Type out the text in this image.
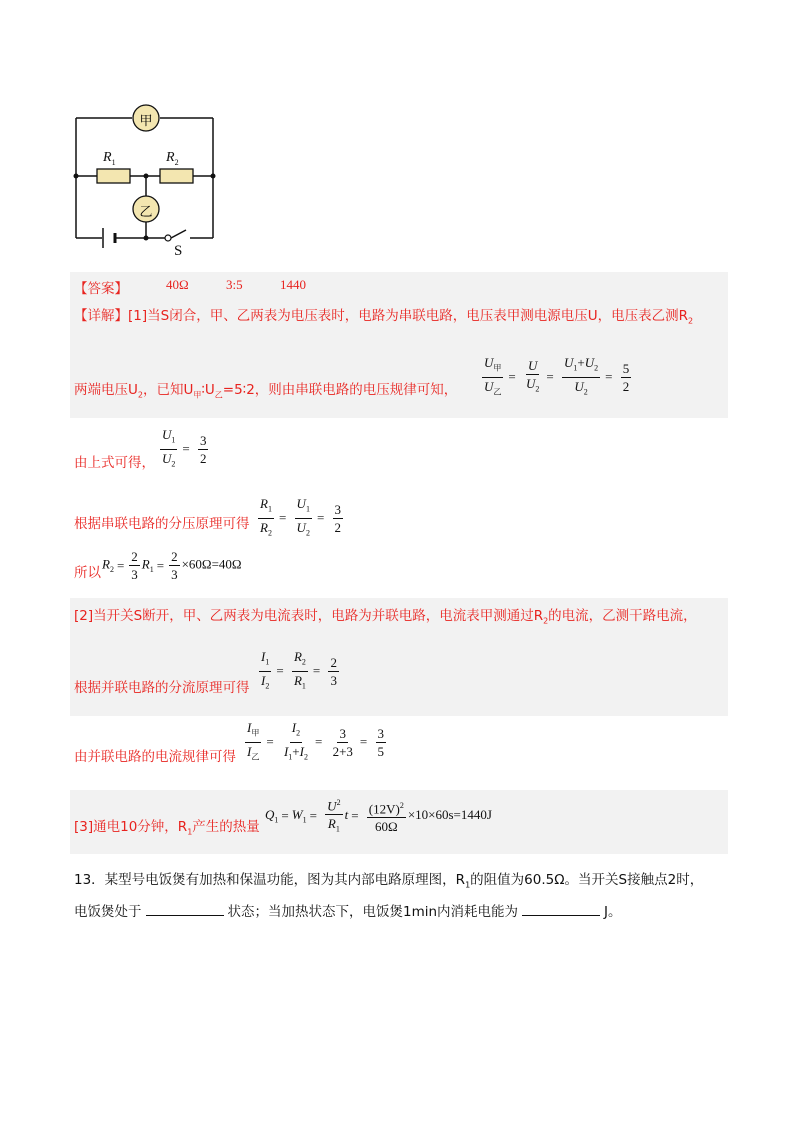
甲
乙
$R_1$	$R_2$
S
【答案】	40Ω	3:5	1440
【详解】[1]当S闭合，甲、乙两表为电压表时，电路为串联电路，电压表甲测电源电压U，电压表乙测$R_2$
两端电压$U_2$，已知$U_甲∶U_乙=5∶2$，则由串联电路的电压规律可知， $\frac{U_甲}{U_乙} = \frac{U}{U_2} = \frac{U_1+U_2}{U_2} = \frac{5}{2}$
由上式可得， $\frac{U_1}{U_2} = \frac{3}{2}$
根据串联电路的分压原理可得 $\frac{R_1}{R_2} = \frac{U_1}{U_2} = \frac{3}{2}$
所以
$R_2 = \frac{2}{3} R_1 = \frac{2}{3} \times 60\Omega=40\Omega$
[2]当开关S断开，甲、乙两表为电流表时，电路为并联电路，电流表甲测通过$R_2$的电流，乙测干路电流，
根据并联电路的分流原理可得 $\frac{I_1}{I_2} = \frac{R_2}{R_1} = \frac{2}{3}$
由并联电路的电流规律可得 $\frac{I_甲}{I_乙} = \frac{I_2}{I_1+I_2} = \frac{3}{2+3} = \frac{3}{5}$
[3]通电10分钟，$R_1$产生的热量
$Q_1 = W_1 = \frac{U^2}{R_1}$ $t = \frac{(12V)^2}{60\Omega} \times 10\times 60s=1440J$
13．某型号电饭煲有加热和保温功能，图为其内部电路原理图，$R_1$的阻值为60.5Ω。当开关S接触点2时，
电饭煲处于	状态；当加热状态下，电饭煲1min内消耗电能为	J。
